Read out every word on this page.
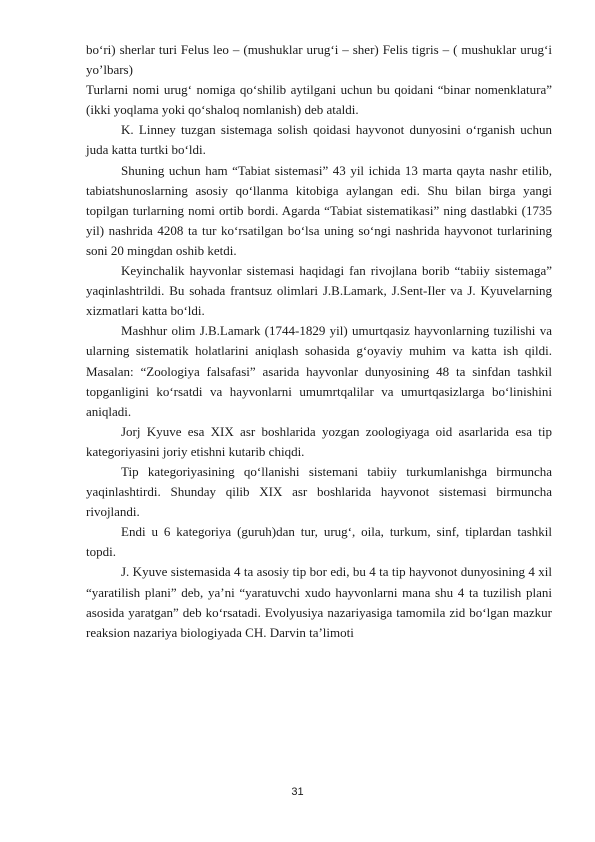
bo‘ri) sherlar turi Felus leo – (mushuklar urug‘i – sher) Felis tigris – ( mushuklar urug‘i yo’lbars)

Turlarni nomi urug‘ nomiga qo‘shilib aytilgani uchun bu qoidani “binar nomenklatura” (ikki yoqlama yoki qo‘shaloq nomlanish) deb ataldi.

K. Linney tuzgan sistemaga solish qoidasi hayvonot dunyosini o‘rganish uchun juda katta turtki bo‘ldi.

Shuning uchun ham “Tabiat sistemasi” 43 yil ichida 13 marta qayta nashr etilib, tabiatshunoslarning asosiy qo‘llanma kitobiga aylangan edi. Shu bilan birga yangi topilgan turlarning nomi ortib bordi. Agarda “Tabiat sistematikasi” ning dastlabki (1735 yil) nashrida 4208 ta tur ko‘rsatilgan bo‘lsa uning so‘ngi nashrida hayvonot turlarining soni 20 mingdan oshib ketdi.

Keyinchalik hayvonlar sistemasi haqidagi fan rivojlana borib “tabiiy sistemaga” yaqinlashtrildi. Bu sohada frantsuz olimlari J.B.Lamark, J.Sent-Iler va J. Kyuvelarning xizmatlari katta bo‘ldi.

Mashhur olim J.B.Lamark (1744-1829 yil) umurtqasiz hayvonlarning tuzilishi va ularning sistematik holatlarini aniqlash sohasida g‘oyaviy muhim va katta ish qildi. Masalan: “Zoologiya falsafasi” asarida hayvonlar dunyosining 48 ta sinfdan tashkil topganligini ko‘rsatdi va hayvonlarni umumrtqalilar va umurtqasizlarga bo‘linishini aniqladi.

Jorj Kyuve esa XIX asr boshlarida yozgan zoologiyaga oid asarlarida esa tip kategoriyasini joriy etishni kutarib chiqdi.

Tip kategoriyasining qo‘llanishi sistemani tabiiy turkumlanishga birmuncha yaqinlashtirdi. Shunday qilib XIX asr boshlarida hayvonot sistemasi birmuncha rivojlandi.

Endi u 6 kategoriya (guruh)dan tur, urug‘, oila, turkum, sinf, tiplardan tashkil topdi.

J. Kyuve sistemasida 4 ta asosiy tip bor edi, bu 4 ta tip hayvonot dunyosining 4 xil “yaratilish plani” deb, ya’ni “yaratuvchi xudo hayvonlarni mana shu 4 ta tuzilish plani asosida yaratgan” deb ko‘rsatadi. Evolyusiya nazariyasiga tamomila zid bo‘lgan mazkur reaksion nazariya biologiyada CH. Darvin ta’limoti

31
